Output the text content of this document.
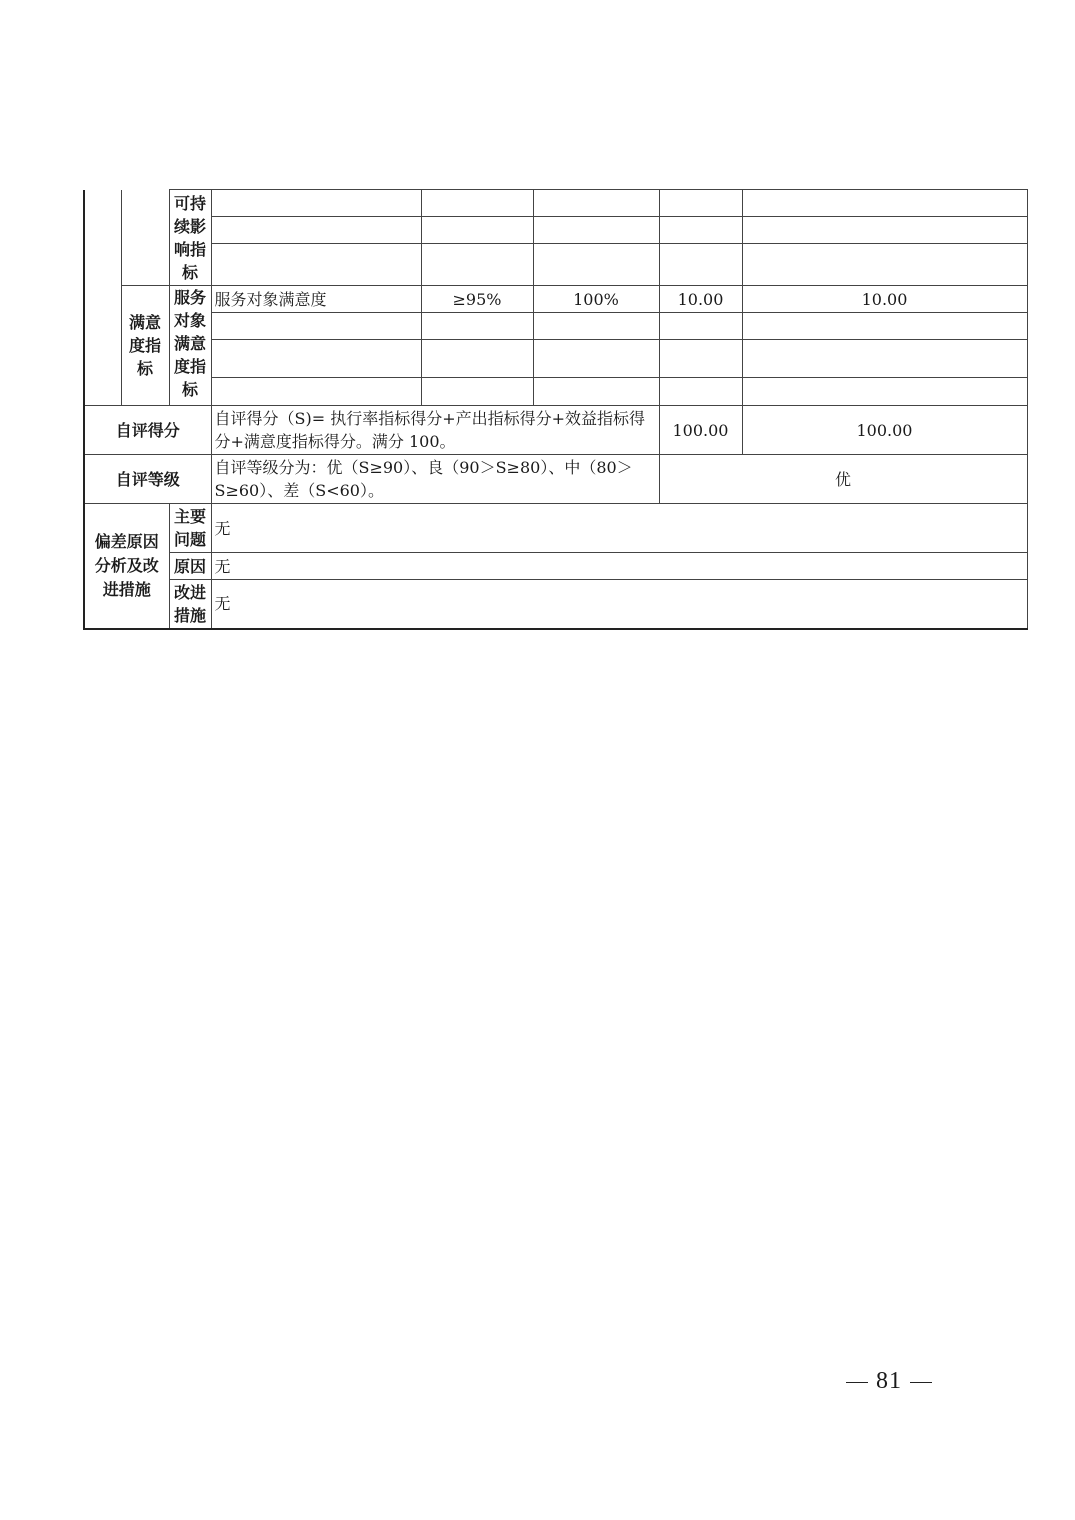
		可持续影响指标					

	满意度指标	服务对象满意度指标	服务对象满意度	≥95%	100%	10.00	10.00

自评得分			自评得分（S)= 执行率指标得分+产出指标得分+效益指标得分+满意度指标得分。满分 100。			100.00	100.00
自评等级			自评等级分为：优（S≥90）、良（90＞S≥80）、中（80＞S≥60）、差（S<60）。			优	
偏差原因分析及改进措施		主要问题	无				
		原因	无				
		改进措施	无				
81
